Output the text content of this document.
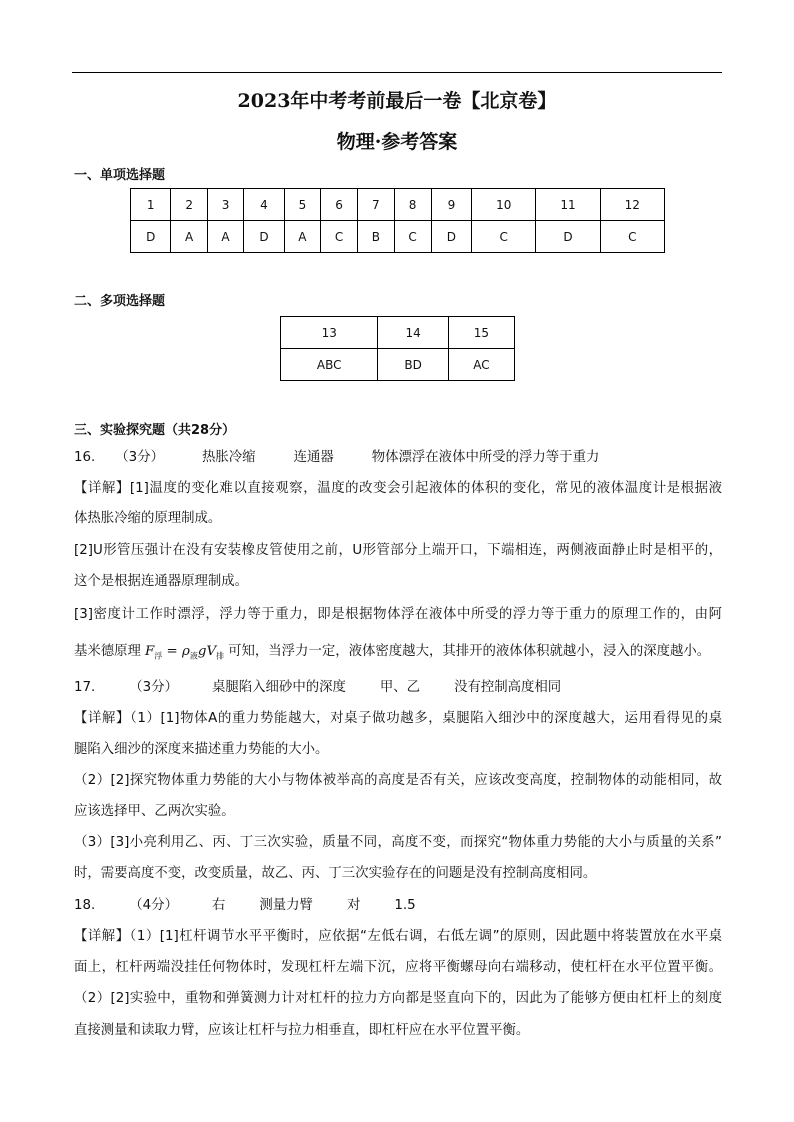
2023年中考考前最后一卷【北京卷】
物理·参考答案
一、单项选择题
1	2	3	4	5	6	7	8	9	10	11	12
D	A	A	D	A	C	B	C	D	C	D	C
二、多项选择题
13	14	15
ABC	BD	AC
三、实验探究题（共28分）
16. （3分）	热胀冷缩	连通器	物体漂浮在液体中所受的浮力等于重力
【详解】[1]温度的变化难以直接观察，温度的改变会引起液体的体积的变化，常见的液体温度计是根据液
体热胀冷缩的原理制成。
[2]U形管压强计在没有安装橡皮管使用之前，U形管部分上端开口，下端相连，两侧液面静止时是相平的，
这个是根据连通器原理制成。
[3]密度计工作时漂浮，浮力等于重力，即是根据物体浮在液体中所受的浮力等于重力的原理工作的，由阿
基米德原理 $F_浮 = \rho_液gV_排$ 可知，当浮力一定，液体密度越大，其排开的液体体积就越小，浸入的深度越小。
17.	（3分）	桌腿陷入细砂中的深度	甲、乙	没有控制高度相同
【详解】（1）[1]物体A的重力势能越大，对桌子做功越多，桌腿陷入细沙中的深度越大，运用看得见的桌
腿陷入细沙的深度来描述重力势能的大小。
（2）[2]探究物体重力势能的大小与物体被举高的高度是否有关，应该改变高度，控制物体的动能相同，故
应该选择甲、乙两次实验。
（3）[3]小亮利用乙、丙、丁三次实验，质量不同，高度不变，而探究“物体重力势能的大小与质量的关系”
时，需要高度不变，改变质量，故乙、丙、丁三次实验存在的问题是没有控制高度相同。
18.	（4分）	右	测量力臂	对	1.5
【详解】（1）[1]杠杆调节水平平衡时，应依据“左低右调，右低左调”的原则，因此题中将装置放在水平桌
面上，杠杆两端没挂任何物体时，发现杠杆左端下沉，应将平衡螺母向右端移动，使杠杆在水平位置平衡。
（2）[2]实验中，重物和弹簧测力计对杠杆的拉力方向都是竖直向下的，因此为了能够方便由杠杆上的刻度
直接测量和读取力臂，应该让杠杆与拉力相垂直，即杠杆应在水平位置平衡。
